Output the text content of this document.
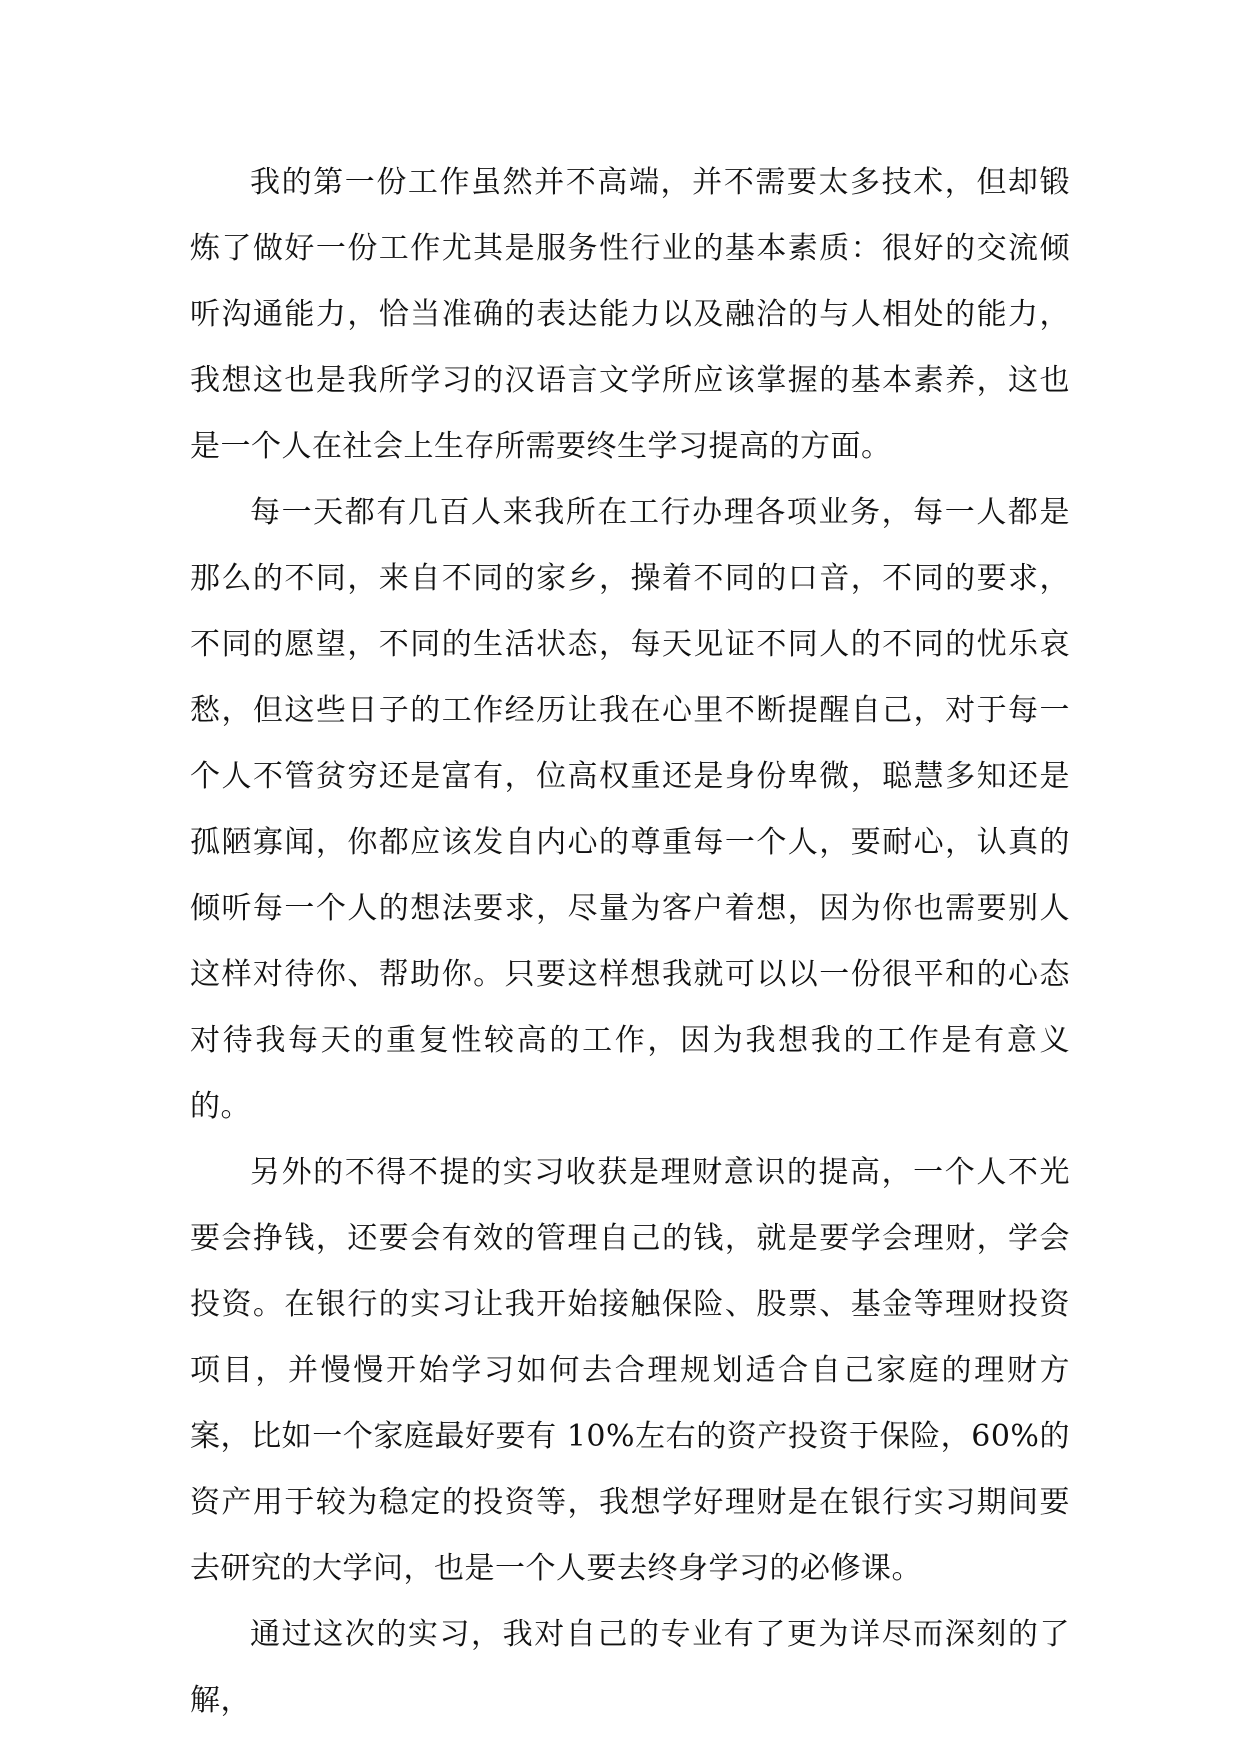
我的第一份工作虽然并不高端，并不需要太多技术，但却锻炼了做好一份工作尤其是服务性行业的基本素质：很好的交流倾听沟通能力，恰当准确的表达能力以及融洽的与人相处的能力，我想这也是我所学习的汉语言文学所应该掌握的基本素养，这也是一个人在社会上生存所需要终生学习提高的方面。

每一天都有几百人来我所在工行办理各项业务，每一人都是那么的不同，来自不同的家乡，操着不同的口音，不同的要求，不同的愿望，不同的生活状态，每天见证不同人的不同的忧乐哀愁，但这些日子的工作经历让我在心里不断提醒自己，对于每一个人不管贫穷还是富有，位高权重还是身份卑微，聪慧多知还是孤陋寡闻，你都应该发自内心的尊重每一个人，要耐心，认真的倾听每一个人的想法要求，尽量为客户着想，因为你也需要别人这样对待你、帮助你。只要这样想我就可以以一份很平和的心态对待我每天的重复性较高的工作，因为我想我的工作是有意义的。

另外的不得不提的实习收获是理财意识的提高，一个人不光要会挣钱，还要会有效的管理自己的钱，就是要学会理财，学会投资。在银行的实习让我开始接触保险、股票、基金等理财投资项目，并慢慢开始学习如何去合理规划适合自己家庭的理财方案，比如一个家庭最好要有 10%左右的资产投资于保险，60%的资产用于较为稳定的投资等，我想学好理财是在银行实习期间要去研究的大学问，也是一个人要去终身学习的必修课。

通过这次的实习，我对自己的专业有了更为详尽而深刻的了解，
